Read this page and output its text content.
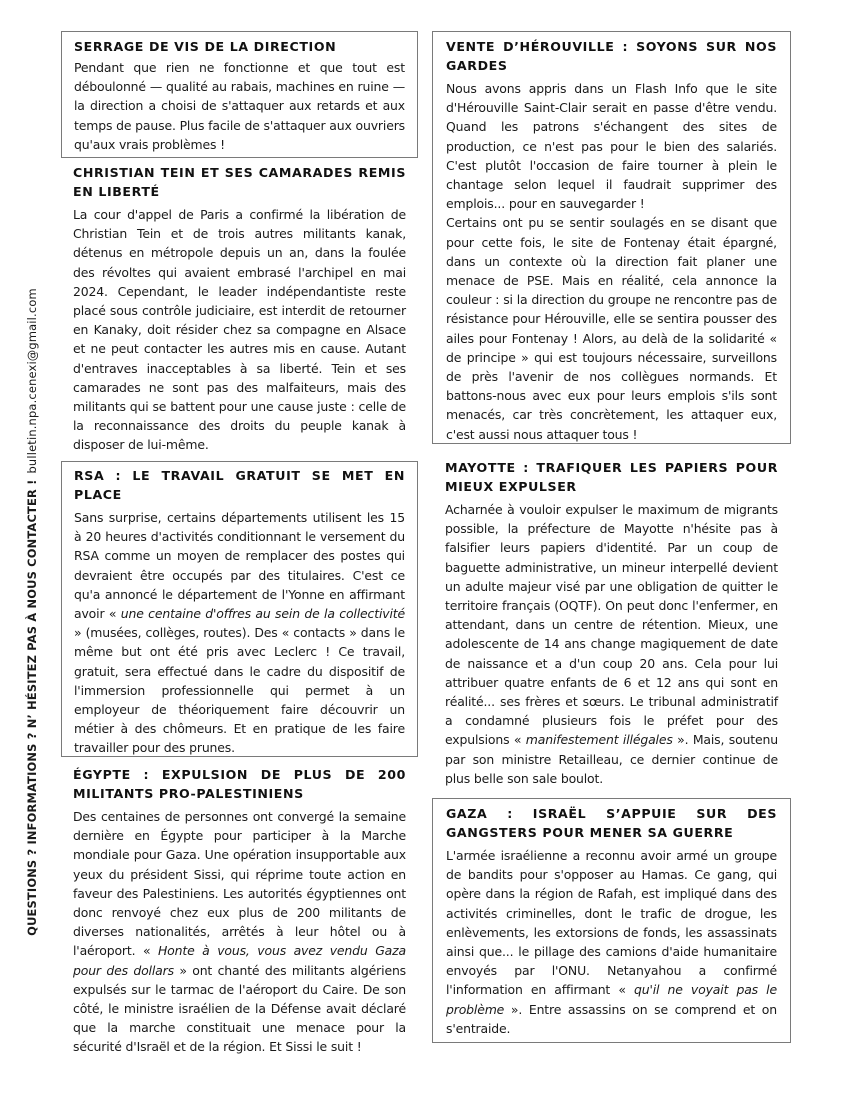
QUESTIONS ? INFORMATIONS ? N’ HÉSITEZ PAS À NOUS CONTACTER !
bulletin.npa.cenexi@gmail.com
SERRAGE DE VIS DE LA DIRECTION

Pendant que rien ne fonctionne et que tout est déboulonné — qualité au rabais, machines en ruine — la direction a choisi de s'attaquer aux retards et aux temps de pause. Plus facile de s'attaquer aux ouvriers qu'aux vrais problèmes !

CHRISTIAN TEIN ET SES CAMARADES REMIS EN LIBERTÉ

La cour d'appel de Paris a confirmé la libération de Christian Tein et de trois autres militants kanak, détenus en métropole depuis un an, dans la foulée des révoltes qui avaient embrasé l'archipel en mai 2024. Cependant, le leader indépendantiste reste placé sous contrôle judiciaire, est interdit de retourner en Kanaky, doit résider chez sa compagne en Alsace et ne peut contacter les autres mis en cause. Autant d'entraves inacceptables à sa liberté. Tein et ses camarades ne sont pas des malfaiteurs, mais des militants qui se battent pour une cause juste : celle de la reconnaissance des droits du peuple kanak à disposer de lui-même.

RSA : LE TRAVAIL GRATUIT SE MET EN PLACE

Sans surprise, certains départements utilisent les 15 à 20 heures d'activités conditionnant le versement du RSA comme un moyen de remplacer des postes qui devraient être occupés par des titulaires. C'est ce qu'a annoncé le département de l'Yonne en affirmant avoir « une centaine d'offres au sein de la collectivité » (musées, collèges, routes). Des « contacts » dans le même but ont été pris avec Leclerc ! Ce travail, gratuit, sera effectué dans le cadre du dispositif de l'immersion professionnelle qui permet à un employeur de théoriquement faire découvrir un métier à des chômeurs. Et en pratique de les faire travailler pour des prunes.

ÉGYPTE : EXPULSION DE PLUS DE 200 MILITANTS PRO-PALESTINIENS

Des centaines de personnes ont convergé la semaine dernière en Égypte pour participer à la Marche mondiale pour Gaza. Une opération insupportable aux yeux du président Sissi, qui réprime toute action en faveur des Palestiniens. Les autorités égyptiennes ont donc renvoyé chez eux plus de 200 militants de diverses nationalités, arrêtés à leur hôtel ou à l'aéroport. « Honte à vous, vous avez vendu Gaza pour des dollars » ont chanté des militants algériens expulsés sur le tarmac de l'aéroport du Caire. De son côté, le ministre israélien de la Défense avait déclaré que la marche constituait une menace pour la sécurité d'Israël et de la région. Et Sissi le suit !

VENTE D’HÉROUVILLE : SOYONS SUR NOS GARDES

Nous avons appris dans un Flash Info que le site d'Hérouville Saint-Clair serait en passe d'être vendu. Quand les patrons s'échangent des sites de production, ce n'est pas pour le bien des salariés. C'est plutôt l'occasion de faire tourner à plein le chantage selon lequel il faudrait supprimer des emplois... pour en sauvegarder !

Certains ont pu se sentir soulagés en se disant que pour cette fois, le site de Fontenay était épargné, dans un contexte où la direction fait planer une menace de PSE. Mais en réalité, cela annonce la couleur : si la direction du groupe ne rencontre pas de résistance pour Hérouville, elle se sentira pousser des ailes pour Fontenay ! Alors, au delà de la solidarité « de principe » qui est toujours nécessaire, surveillons de près l'avenir de nos collègues normands. Et battons-nous avec eux pour leurs emplois s'ils sont menacés, car très concrètement, les attaquer eux, c'est aussi nous attaquer tous !

MAYOTTE : TRAFIQUER LES PAPIERS POUR MIEUX EXPULSER

Acharnée à vouloir expulser le maximum de migrants possible, la préfecture de Mayotte n'hésite pas à falsifier leurs papiers d'identité. Par un coup de baguette administrative, un mineur interpellé devient un adulte majeur visé par une obligation de quitter le territoire français (OQTF). On peut donc l'enfermer, en attendant, dans un centre de rétention. Mieux, une adolescente de 14 ans change magiquement de date de naissance et a d'un coup 20 ans. Cela pour lui attribuer quatre enfants de 6 et 12 ans qui sont en réalité... ses frères et sœurs. Le tribunal administratif a condamné plusieurs fois le préfet pour des expulsions « manifestement illégales ». Mais, soutenu par son ministre Retailleau, ce dernier continue de plus belle son sale boulot.

GAZA : ISRAËL S’APPUIE SUR DES GANGSTERS POUR MENER SA GUERRE

L'armée israélienne a reconnu avoir armé un groupe de bandits pour s'opposer au Hamas. Ce gang, qui opère dans la région de Rafah, est impliqué dans des activités criminelles, dont le trafic de drogue, les enlèvements, les extorsions de fonds, les assassinats ainsi que... le pillage des camions d'aide humanitaire envoyés par l'ONU. Netanyahou a confirmé l'information en affirmant « qu'il ne voyait pas le problème ». Entre assassins on se comprend et on s'entraide.
